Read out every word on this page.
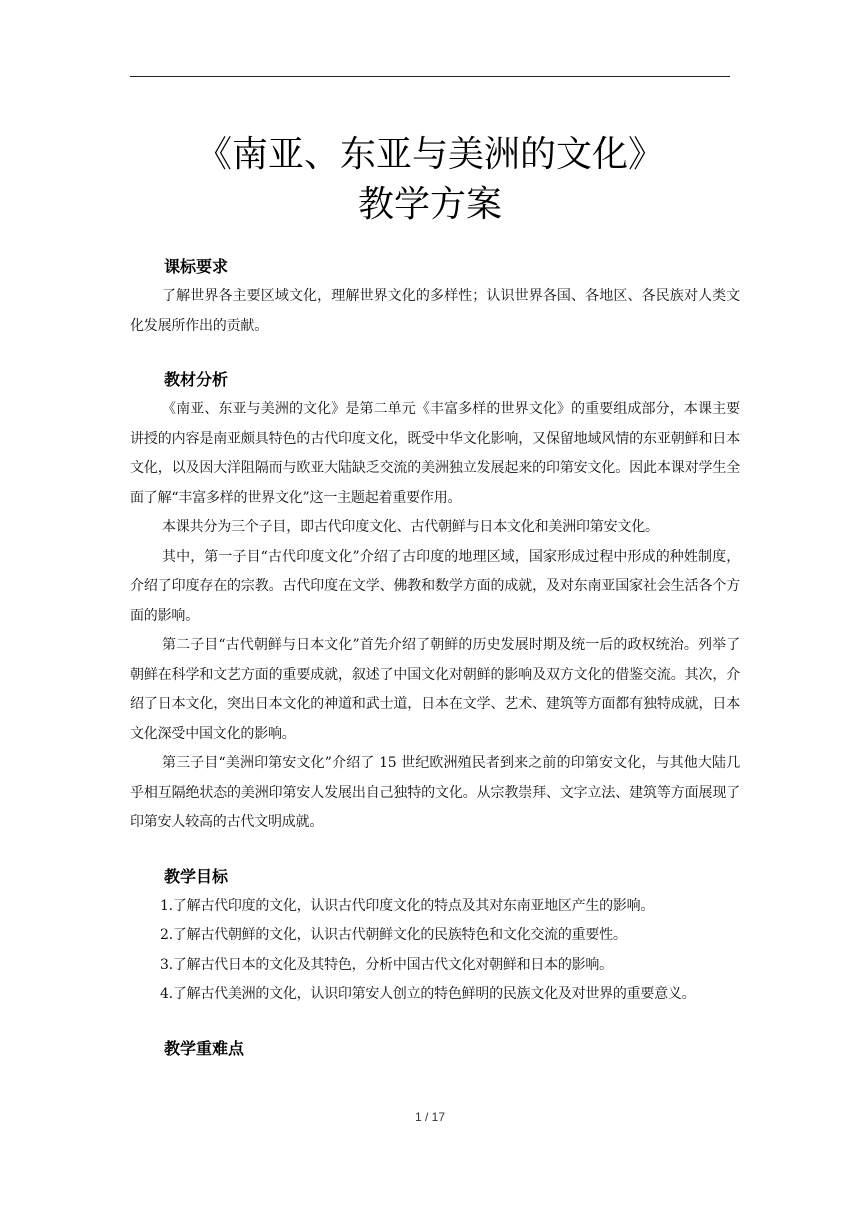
《南亚、东亚与美洲的文化》
教学方案

课标要求

了解世界各主要区域文化，理解世界文化的多样性；认识世界各国、各地区、各民族对人类文化发展所作出的贡献。

教材分析

《南亚、东亚与美洲的文化》是第二单元《丰富多样的世界文化》的重要组成部分，本课主要讲授的内容是南亚颇具特色的古代印度文化，既受中华文化影响，又保留地域风情的东亚朝鲜和日本文化，以及因大洋阻隔而与欧亚大陆缺乏交流的美洲独立发展起来的印第安文化。因此本课对学生全面了解“丰富多样的世界文化”这一主题起着重要作用。

本课共分为三个子目，即古代印度文化、古代朝鲜与日本文化和美洲印第安文化。

其中，第一子目“古代印度文化”介绍了古印度的地理区域，国家形成过程中形成的种姓制度，介绍了印度存在的宗教。古代印度在文学、佛教和数学方面的成就，及对东南亚国家社会生活各个方面的影响。

第二子目“古代朝鲜与日本文化”首先介绍了朝鲜的历史发展时期及统一后的政权统治。列举了朝鲜在科学和文艺方面的重要成就，叙述了中国文化对朝鲜的影响及双方文化的借鉴交流。其次，介绍了日本文化，突出日本文化的神道和武士道，日本在文学、艺术、建筑等方面都有独特成就，日本文化深受中国文化的影响。

第三子目“美洲印第安文化”介绍了 15 世纪欧洲殖民者到来之前的印第安文化，与其他大陆几乎相互隔绝状态的美洲印第安人发展出自己独特的文化。从宗教崇拜、文字立法、建筑等方面展现了印第安人较高的古代文明成就。

教学目标

1.了解古代印度的文化，认识古代印度文化的特点及其对东南亚地区产生的影响。

2.了解古代朝鲜的文化，认识古代朝鲜文化的民族特色和文化交流的重要性。

3.了解古代日本的文化及其特色，分析中国古代文化对朝鲜和日本的影响。

4.了解古代美洲的文化，认识印第安人创立的特色鲜明的民族文化及对世界的重要意义。

教学重难点

1 / 17
